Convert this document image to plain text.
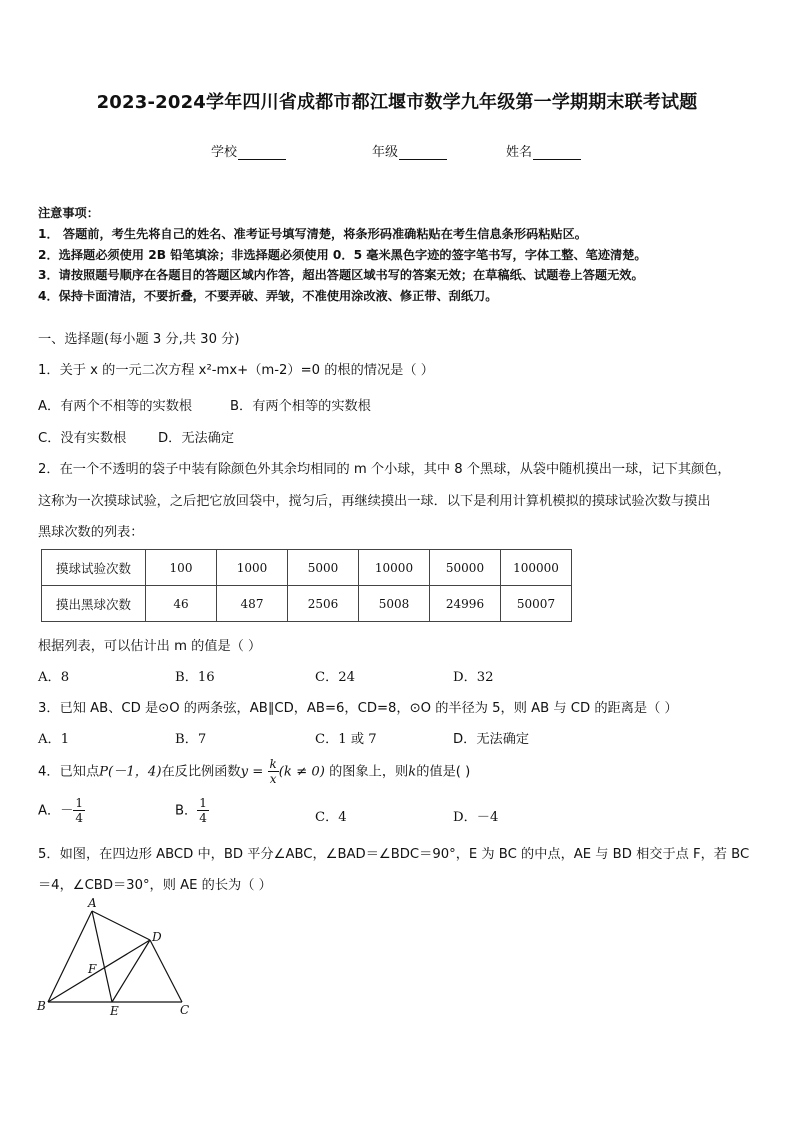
2023-2024学年四川省成都市都江堰市数学九年级第一学期期末联考试题
学校	年级	姓名
注意事项：
1． 答题前，考生先将自己的姓名、准考证号填写清楚，将条形码准确粘贴在考生信息条形码粘贴区。
2．选择题必须使用 2B 铅笔填涂；非选择题必须使用 0．5 毫米黑色字迹的签字笔书写，字体工整、笔迹清楚。
3．请按照题号顺序在各题目的答题区域内作答，超出答题区域书写的答案无效；在草稿纸、试题卷上答题无效。
4．保持卡面清洁，不要折叠，不要弄破、弄皱，不准使用涂改液、修正带、刮纸刀。
一、选择题(每小题 3 分,共 30 分)
1．关于 x 的一元二次方程 x²-mx+（m-2）=0 的根的情况是（ ）
A．有两个不相等的实数根	B．有两个相等的实数根
C．没有实数根 D．无法确定
2．在一个不透明的袋子中装有除颜色外其余均相同的 m 个小球，其中 8 个黑球，从袋中随机摸出一球，记下其颜色，
这称为一次摸球试验，之后把它放回袋中，搅匀后，再继续摸出一球．以下是利用计算机模拟的摸球试验次数与摸出
黑球次数的列表：
摸球试验次数	100	1000	5000	10000	50000	100000
摸出黑球次数	46	487	2506	5008	24996	50007
根据列表，可以估计出 m 的值是（ ）
A．8	B．16	C．24	D．32
3．已知 AB、CD 是⊙O 的两条弦，AB∥CD，AB=6，CD=8，⊙O 的半径为 5，则 AB 与 CD 的距离是（ ）
A．1	B．7	C．1 或 7	D．无法确定
4．已知点P(－1，4)在反比例函数$y = \frac{k}{x} (k \ne 0)$ 的图象上，则k的值是( )
A．－ $\frac{1}{4}$	B． $\frac{1}{4}$	C．4	D．－4
5．如图，在四边形 ABCD 中，BD 平分∠ABC，∠BAD＝∠BDC＝90°，E 为 BC 的中点，AE 与 BD 相交于点 F，若 BC
＝4，∠CBD＝30°，则 AE 的长为（ ）
A
D
F
B	E	C
